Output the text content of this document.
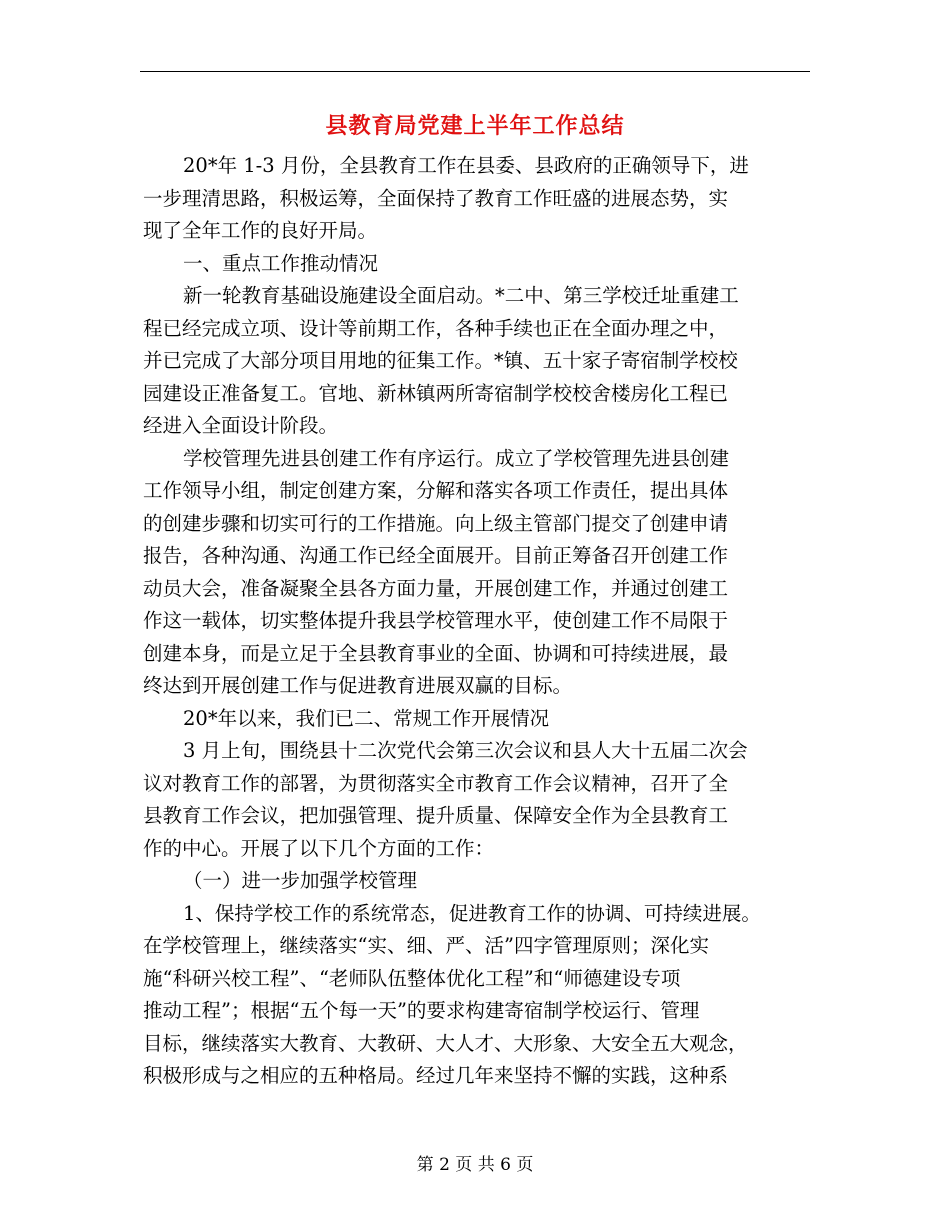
县教育局党建上半年工作总结
20*年 1-3 月份，全县教育工作在县委、县政府的正确领导下，进
一步理清思路，积极运筹，全面保持了教育工作旺盛的进展态势，实
现了全年工作的良好开局。
一、重点工作推动情况
新一轮教育基础设施建设全面启动。*二中、第三学校迁址重建工
程已经完成立项、设计等前期工作，各种手续也正在全面办理之中，
并已完成了大部分项目用地的征集工作。*镇、五十家子寄宿制学校校
园建设正准备复工。官地、新林镇两所寄宿制学校校舍楼房化工程已
经进入全面设计阶段。
学校管理先进县创建工作有序运行。成立了学校管理先进县创建
工作领导小组，制定创建方案，分解和落实各项工作责任，提出具体
的创建步骤和切实可行的工作措施。向上级主管部门提交了创建申请
报告，各种沟通、沟通工作已经全面展开。目前正筹备召开创建工作
动员大会，准备凝聚全县各方面力量，开展创建工作，并通过创建工
作这一载体，切实整体提升我县学校管理水平，使创建工作不局限于
创建本身，而是立足于全县教育事业的全面、协调和可持续进展，最
终达到开展创建工作与促进教育进展双赢的目标。
20*年以来，我们已二、常规工作开展情况
3 月上旬，围绕县十二次党代会第三次会议和县人大十五届二次会
议对教育工作的部署，为贯彻落实全市教育工作会议精神，召开了全
县教育工作会议，把加强管理、提升质量、保障安全作为全县教育工
作的中心。开展了以下几个方面的工作：
（一）进一步加强学校管理
1、保持学校工作的系统常态，促进教育工作的协调、可持续进展。
在学校管理上，继续落实“实、细、严、活”四字管理原则；深化实
施“科研兴校工程”、“老师队伍整体优化工程”和“师德建设专项
推动工程”；根据“五个每一天”的要求构建寄宿制学校运行、管理
目标，继续落实大教育、大教研、大人才、大形象、大安全五大观念，
积极形成与之相应的五种格局。经过几年来坚持不懈的实践，这种系
第 2 页 共 6 页
